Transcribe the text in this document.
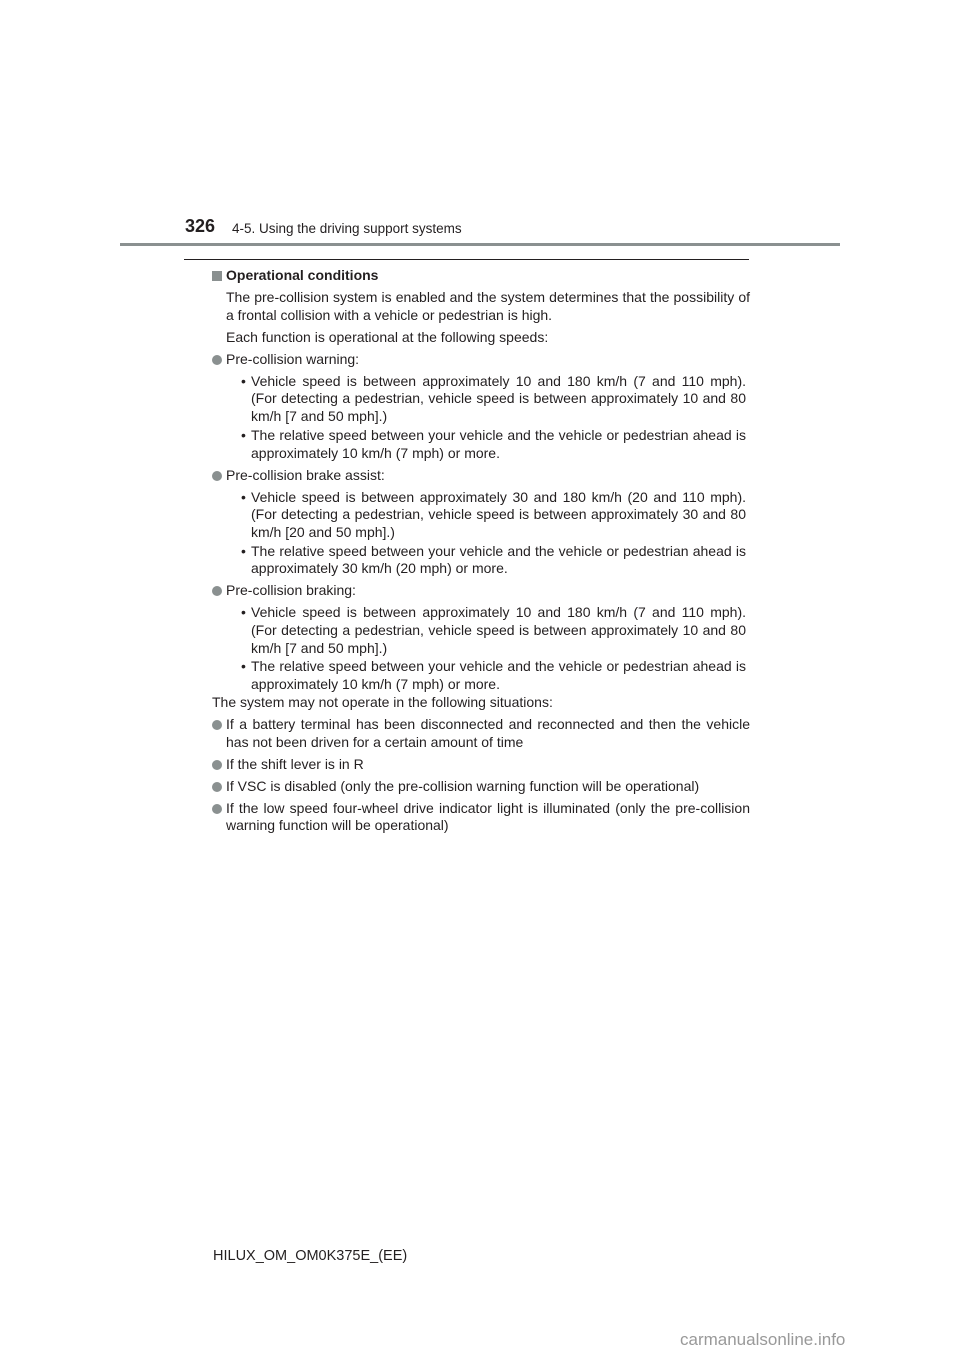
326 4-5. Using the driving support systems
Operational conditions
The pre-collision system is enabled and the system determines that the possibility of a frontal collision with a vehicle or pedestrian is high.
Each function is operational at the following speeds:
Pre-collision warning:
• Vehicle speed is between approximately 10 and 180 km/h (7 and 110 mph). (For detecting a pedestrian, vehicle speed is between approximately 10 and 80 km/h [7 and 50 mph].)
• The relative speed between your vehicle and the vehicle or pedestrian ahead is approximately 10 km/h (7 mph) or more.
Pre-collision brake assist:
• Vehicle speed is between approximately 30 and 180 km/h (20 and 110 mph). (For detecting a pedestrian, vehicle speed is between approximately 30 and 80 km/h [20 and 50 mph].)
• The relative speed between your vehicle and the vehicle or pedestrian ahead is approximately 30 km/h (20 mph) or more.
Pre-collision braking:
• Vehicle speed is between approximately 10 and 180 km/h (7 and 110 mph). (For detecting a pedestrian, vehicle speed is between approximately 10 and 80 km/h [7 and 50 mph].)
• The relative speed between your vehicle and the vehicle or pedestrian ahead is approximately 10 km/h (7 mph) or more.
The system may not operate in the following situations:
If a battery terminal has been disconnected and reconnected and then the vehicle has not been driven for a certain amount of time
If the shift lever is in R
If VSC is disabled (only the pre-collision warning function will be operational)
If the low speed four-wheel drive indicator light is illuminated (only the pre-collision warning function will be operational)
HILUX_OM_OM0K375E_(EE)
carmanualsonline.info
